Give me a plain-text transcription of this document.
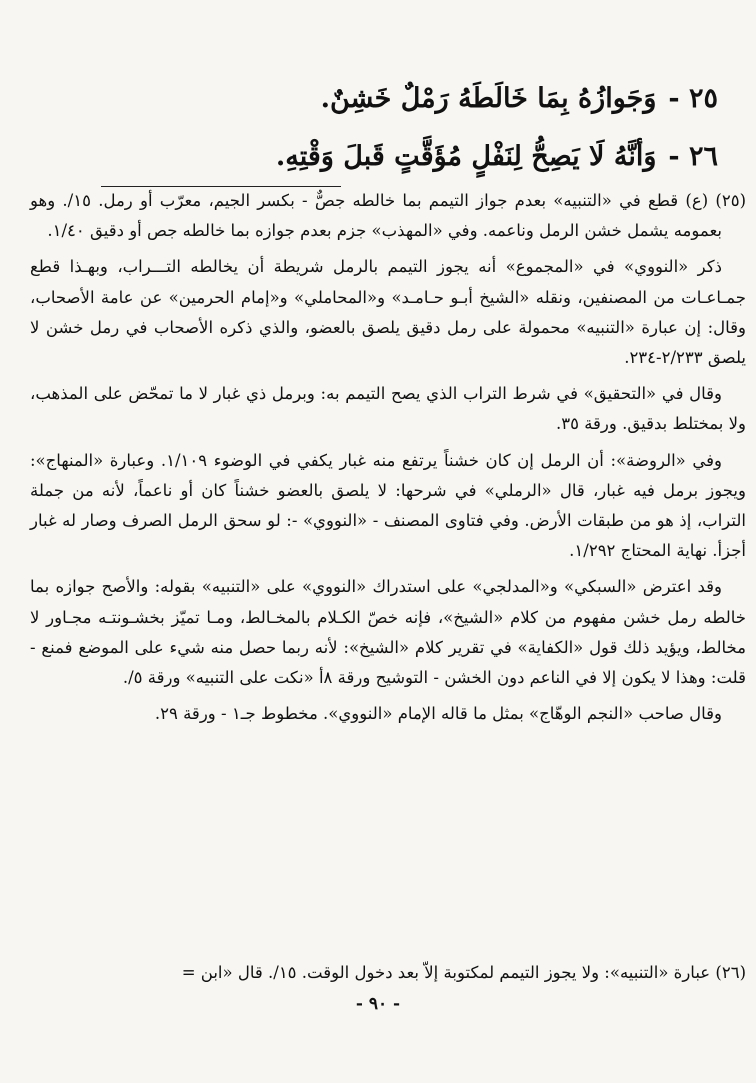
٢٥ -وَجَوازُهُ بِمَا خَالَطَهُ رَمْلٌ خَشِنٌ.
٢٦ -وَأنَّهُ لَا يَصِحُّ لِنَفْلٍ مُؤَقَّتٍ قَبلَ وَقْتِهِ.

(٢٥) (ع) قطع في «التنبيه» بعدم جواز التيمم بما خالطه جصٌّ - بكسر الجيم، معرّب أو رمل. ١٥/. وهو بعمومه يشمل خشن الرمل وناعمه. وفي «المهذب» جزم بعدم جوازه بما خالطه جص أو دقيق ١/٤٠.

ذكر «النووي» في «المجموع» أنه يجوز التيمم بالرمل شريطة أن يخالطه التـــراب، وبهـذا قطع جمـاعـات من المصنفين، ونقله «الشيخ أبـو حـامـد» و«المحاملي» و«إمام الحرمين» عن عامة الأصحاب، وقال: إن عبارة «التنبيه» محمولة على رمل دقيق يلصق بالعضو، والذي ذكره الأصحاب في رمل خشن لا يلصق ٢/٢٣٣-٢٣٤.

وقال في «التحقيق» في شرط التراب الذي يصح التيمم به: وبرمل ذي غبار لا ما تمحّض على المذهب، ولا بمختلط بدقيق. ورقة ٣٥.

وفي «الروضة»: أن الرمل إن كان خشناً يرتفع منه غبار يكفي في الوضوء ١/١٠٩. وعبارة «المنهاج»: ويجوز برمل فيه غبار، قال «الرملي» في شرحها: لا يلصق بالعضو خشناً كان أو ناعماً، لأنه من جملة التراب، إذ هو من طبقات الأرض. وفي فتاوى المصنف - «النووي» -: لو سحق الرمل الصرف وصار له غبار أجزأ. نهاية المحتاج ١/٢٩٢.

وقد اعترض «السبكي» و«المدلجي» على استدراك «النووي» على «التنبيه» بقوله: والأصح جوازه بما خالطه رمل خشن مفهوم من كلام «الشيخ»، فإنه خصّ الكـلام بالمخـالط، ومـا تميّز بخشـونتـه مجـاور لا مخالط، ويؤيد ذلك قول «الكفاية» في تقرير كلام «الشيخ»: لأنه ربما حصل منه شيء على الموضع فمنع - قلت: وهذا لا يكون إلا في الناعم دون الخشن - التوشيح ورقة ٨أ «نكت على التنبيه» ورقة ٥/.

وقال صاحب «النجم الوهّاج» بمثل ما قاله الإمام «النووي». مخطوط جـ١ - ورقة ٢٩.

(٢٦) عبارة «التنبيه»: ولا يجوز التيمم لمكتوبة إلاّ بعد دخول الوقت. ١٥/. قال «ابن =
- ٩٠ -
